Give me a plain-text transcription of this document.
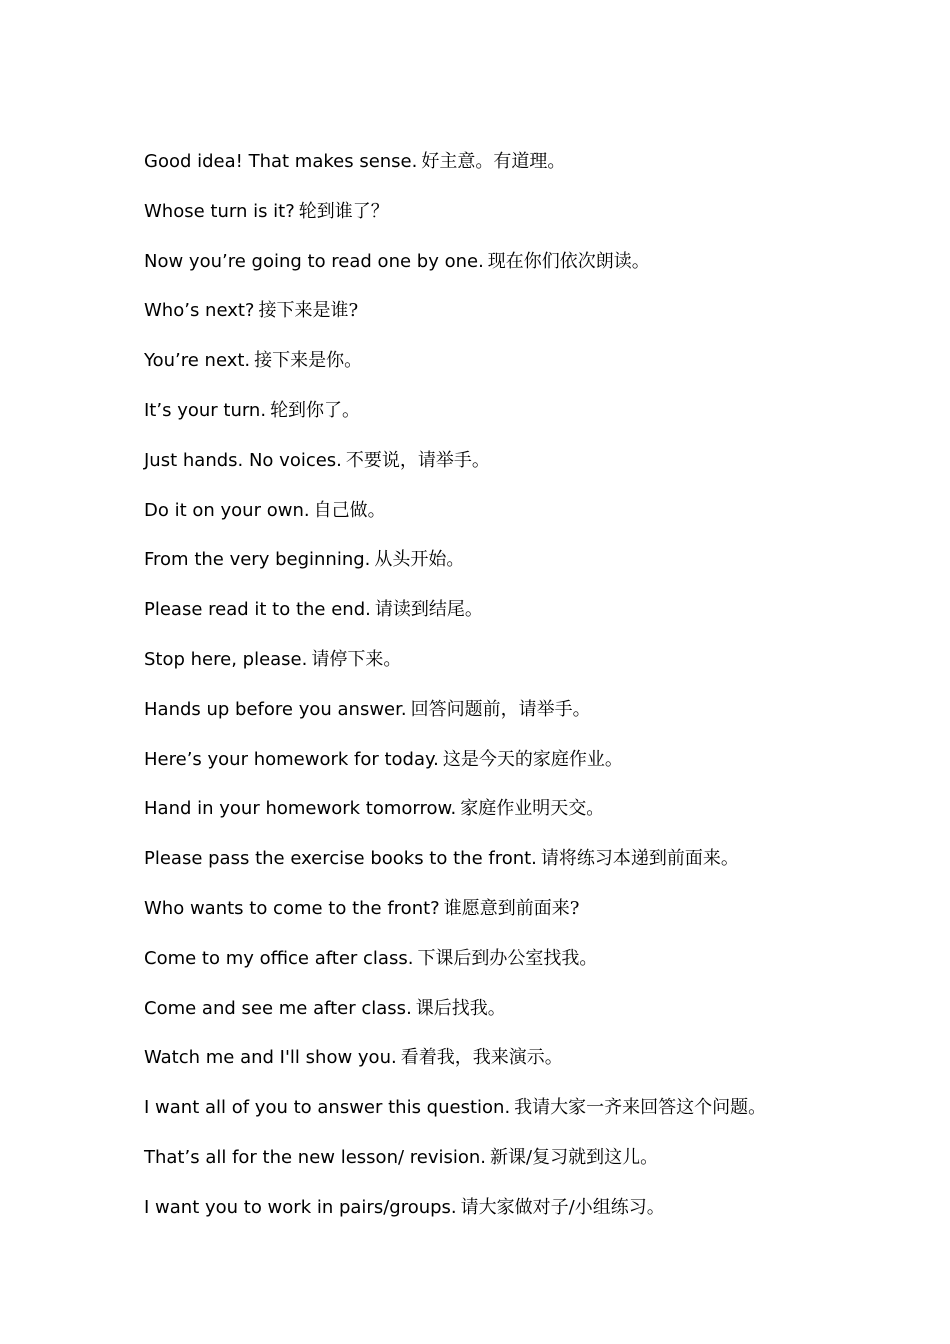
Good idea! That makes sense. 好主意。有道理。
Whose turn is it? 轮到谁了？
Now you’re going to read one by one. 现在你们依次朗读。
Who’s next? 接下来是谁?
You’re next. 接下来是你。
It’s your turn. 轮到你了。
Just hands. No voices. 不要说，请举手。
Do it on your own. 自己做。
From the very beginning. 从头开始。
Please read it to the end. 请读到结尾。
Stop here, please. 请停下来。
Hands up before you answer. 回答问题前，请举手。
Here’s your homework for today. 这是今天的家庭作业。
Hand in your homework tomorrow. 家庭作业明天交。
Please pass the exercise books to the front. 请将练习本递到前面来。
Who wants to come to the front? 谁愿意到前面来?
Come to my office after class. 下课后到办公室找我。
Come and see me after class. 课后找我。
Watch me and I'll show you. 看着我，我来演示。
I want all of you to answer this question. 我请大家一齐来回答这个问题。
That’s all for the new lesson/ revision. 新课/复习就到这儿。
I want you to work in pairs/groups. 请大家做对子/小组练习。
